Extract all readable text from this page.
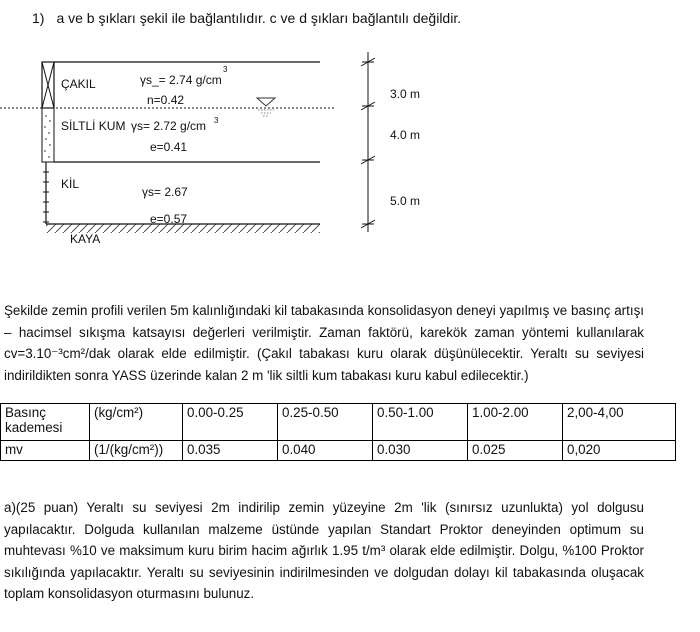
1) a ve b şıkları şekil ile bağlantılıdır. c ve d şıkları bağlantılı değildir.
ÇAKIL	γs_= 2.74 g/cm
3
n=0.42
SİLTLİ KUM γs= 2.72 g/cm 3
e=0.41
KİL
γs= 2.67
e=0.57
KAYA
3.0 m
4.0 m
5.0 m

Şekilde zemin profili verilen 5m kalınlığındaki kil tabakasında konsolidasyon deneyi yapılmış ve basınç artışı – hacimsel sıkışma katsayısı değerleri verilmiştir. Zaman faktörü, karekök zaman yöntemi kullanılarak cv=3.10⁻³cm²/dak olarak elde edilmiştir. (Çakıl tabakası kuru olarak düşünülecektir. Yeraltı su seviyesi indirildikten sonra YASS üzerinde kalan 2 m 'lik siltli kum tabakası kuru kabul edilecektir.)

Basınç kademesi	(kg/cm²)	0.00-0.25	0.25-0.50	0.50-1.00	1.00-2.00	2,00-4,00
mv	(1/(kg/cm²))	0.035	0.040	0.030	0.025	0,020

a)(25 puan) Yeraltı su seviyesi 2m indirilip zemin yüzeyine 2m 'lik (sınırsız uzunlukta) yol dolgusu yapılacaktır. Dolguda kullanılan malzeme üstünde yapılan Standart Proktor deneyinden optimum su muhtevası %10 ve maksimum kuru birim hacim ağırlık 1.95 t/m³ olarak elde edilmiştir. Dolgu, %100 Proktor sıkılığında yapılacaktır. Yeraltı su seviyesinin indirilmesinden ve dolgudan dolayı kil tabakasında oluşacak toplam konsolidasyon oturmasını bulunuz.
